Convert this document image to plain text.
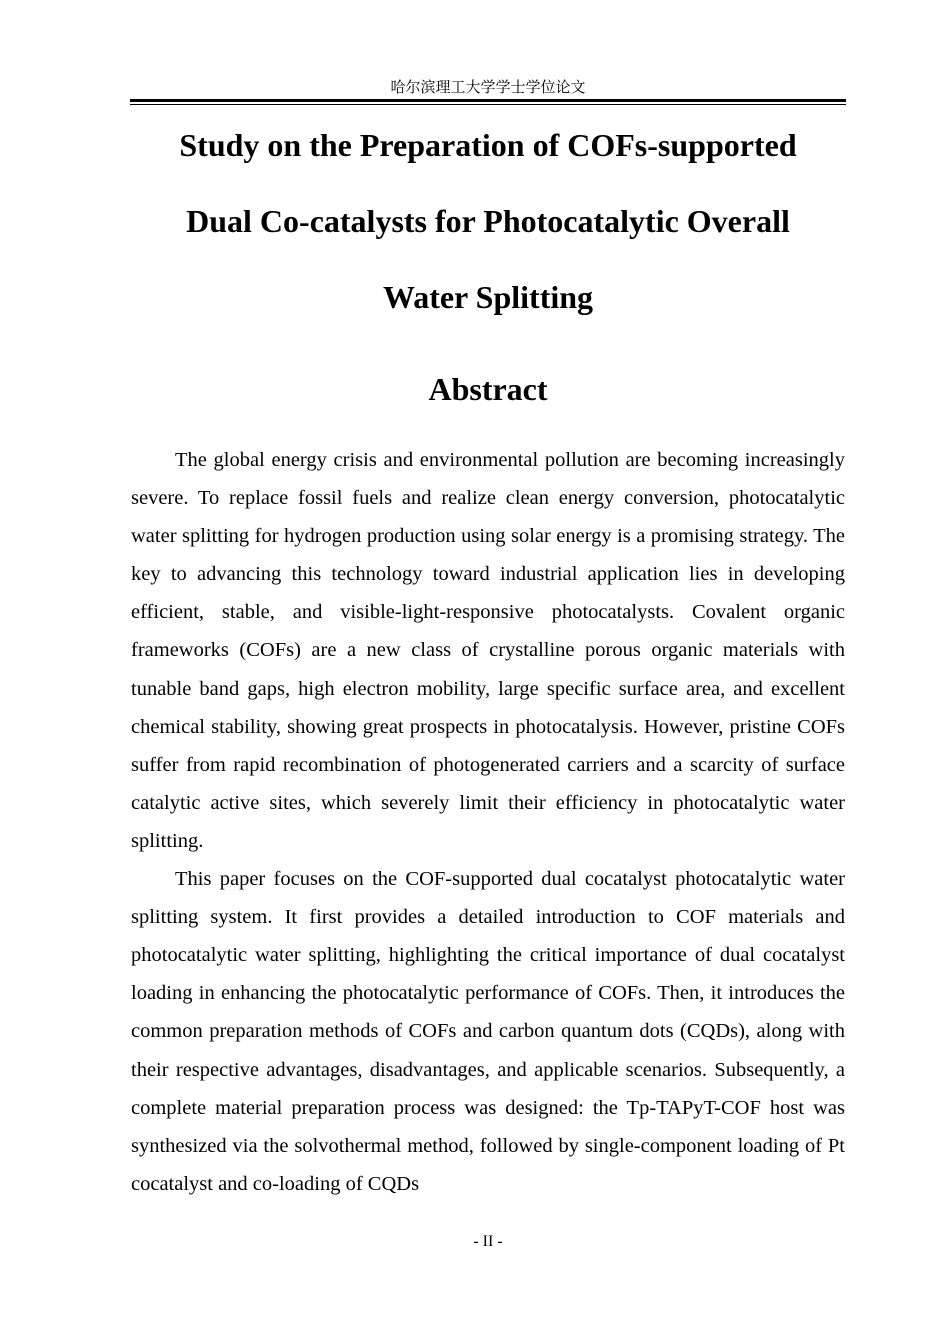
哈尔滨理工大学学士学位论文
Study on the Preparation of COFs-supported
Dual Co-catalysts for Photocatalytic Overall
Water Splitting
Abstract

The global energy crisis and environmental pollution are becoming increasingly severe. To replace fossil fuels and realize clean energy conversion, photocatalytic water splitting for hydrogen production using solar energy is a promising strategy. The key to advancing this technology toward industrial application lies in developing efficient, stable, and visible-light-responsive photocatalysts. Covalent organic frameworks (COFs) are a new class of crystalline porous organic materials with tunable band gaps, high electron mobility, large specific surface area, and excellent chemical stability, showing great prospects in photocatalysis. However, pristine COFs suffer from rapid recombination of photogenerated carriers and a scarcity of surface catalytic active sites, which severely limit their efficiency in photocatalytic water splitting.

This paper focuses on the COF-supported dual cocatalyst photocatalytic water splitting system. It first provides a detailed introduction to COF materials and photocatalytic water splitting, highlighting the critical importance of dual cocatalyst loading in enhancing the photocatalytic performance of COFs. Then, it introduces the common preparation methods of COFs and carbon quantum dots (CQDs), along with their respective advantages, disadvantages, and applicable scenarios. Subsequently, a complete material preparation process was designed: the Tp-TAPyT-COF host was synthesized via the solvothermal method, followed by single-component loading of Pt cocatalyst and co-loading of CQDs

- II -
